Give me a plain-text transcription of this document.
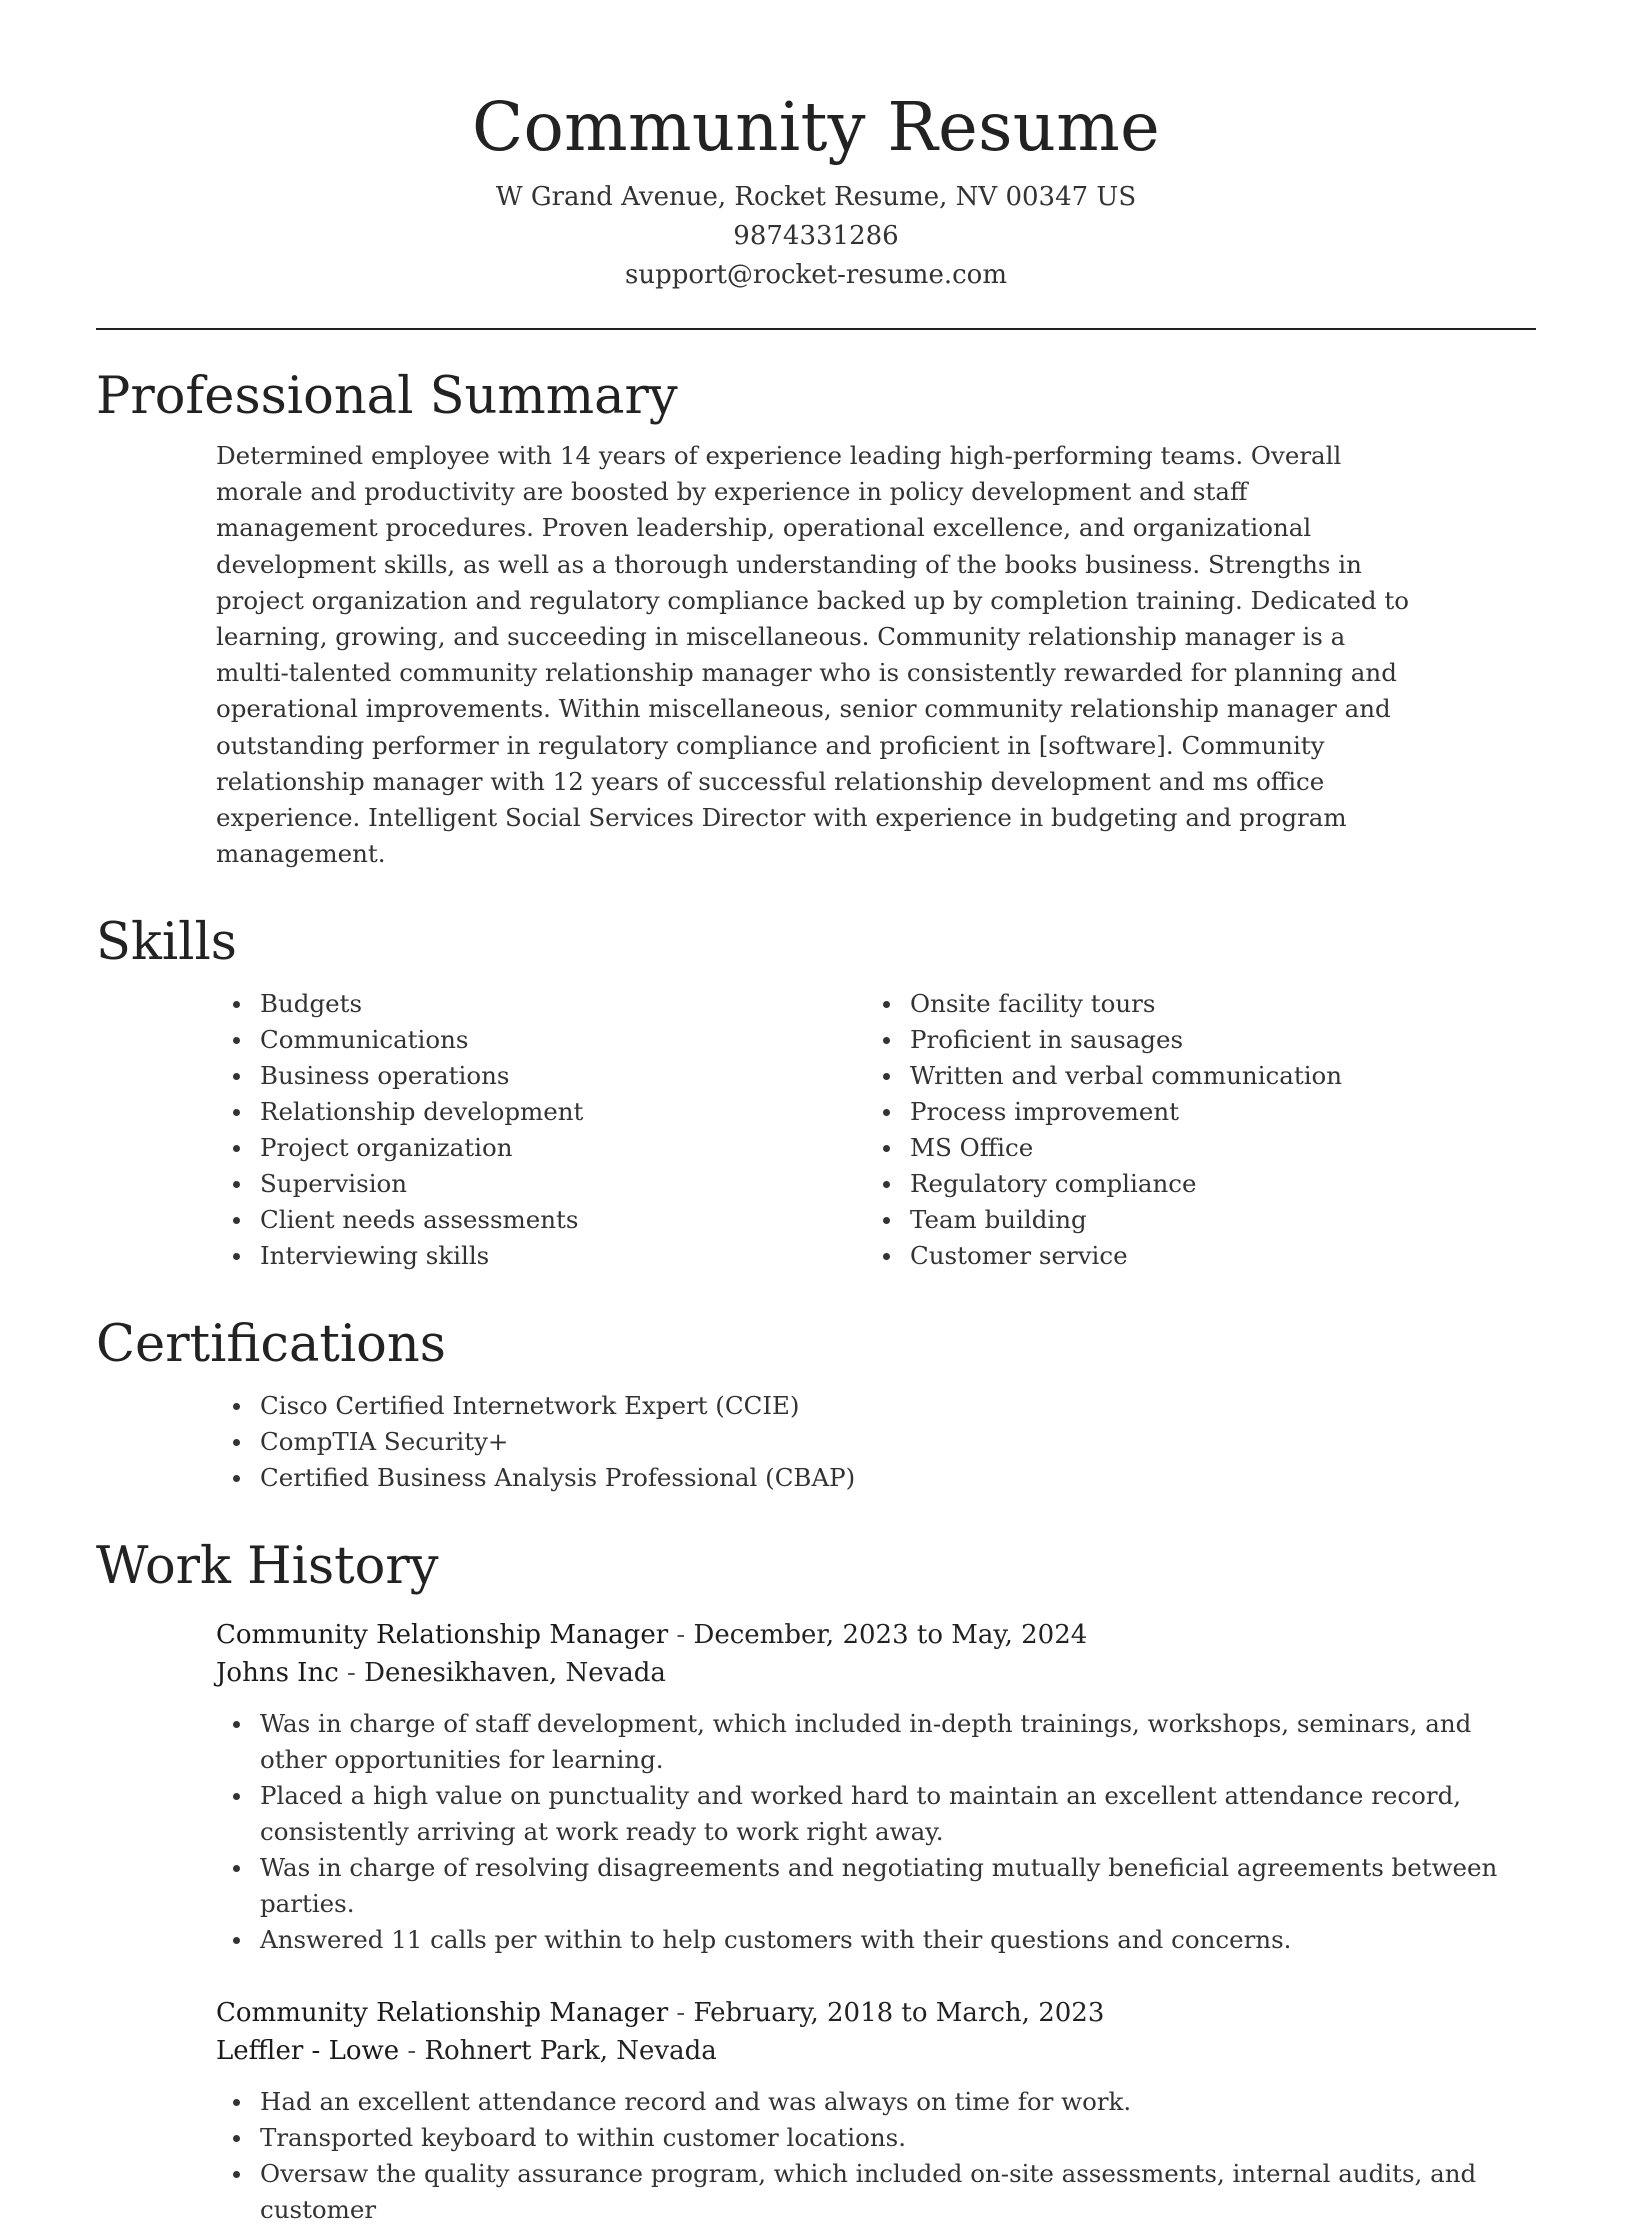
Community Resume
W Grand Avenue, Rocket Resume, NV 00347 US
9874331286
support@rocket-resume.com
Professional Summary

Determined employee with 14 years of experience leading high-performing teams. Overall morale and productivity are boosted by experience in policy development and staff management procedures. Proven leadership, operational excellence, and organizational development skills, as well as a thorough understanding of the books business. Strengths in project organization and regulatory compliance backed up by completion training. Dedicated to learning, growing, and succeeding in miscellaneous. Community relationship manager is a multi-talented community relationship manager who is consistently rewarded for planning and operational improvements. Within miscellaneous, senior community relationship manager and outstanding performer in regulatory compliance and proficient in [software]. Community relationship manager with 12 years of successful relationship development and ms office experience. Intelligent Social Services Director with experience in budgeting and program management.

Skills
Budgets
Communications
Business operations
Relationship development
Project organization
Supervision
Client needs assessments
Interviewing skills
Onsite facility tours
Proficient in sausages
Written and verbal communication
Process improvement
MS Office
Regulatory compliance
Team building
Customer service
Certifications
Cisco Certified Internetwork Expert (CCIE)
CompTIA Security+
Certified Business Analysis Professional (CBAP)
Work History
Community Relationship Manager - December, 2023 to May, 2024
Johns Inc - Denesikhaven, Nevada
Was in charge of staff development, which included in-depth trainings, workshops, seminars, and other opportunities for learning.
Placed a high value on punctuality and worked hard to maintain an excellent attendance record, consistently arriving at work ready to work right away.
Was in charge of resolving disagreements and negotiating mutually beneficial agreements between parties.
Answered 11 calls per within to help customers with their questions and concerns.
Community Relationship Manager - February, 2018 to March, 2023
Leffler - Lowe - Rohnert Park, Nevada
Had an excellent attendance record and was always on time for work.
Transported keyboard to within customer locations.
Oversaw the quality assurance program, which included on-site assessments, internal audits, and customer
